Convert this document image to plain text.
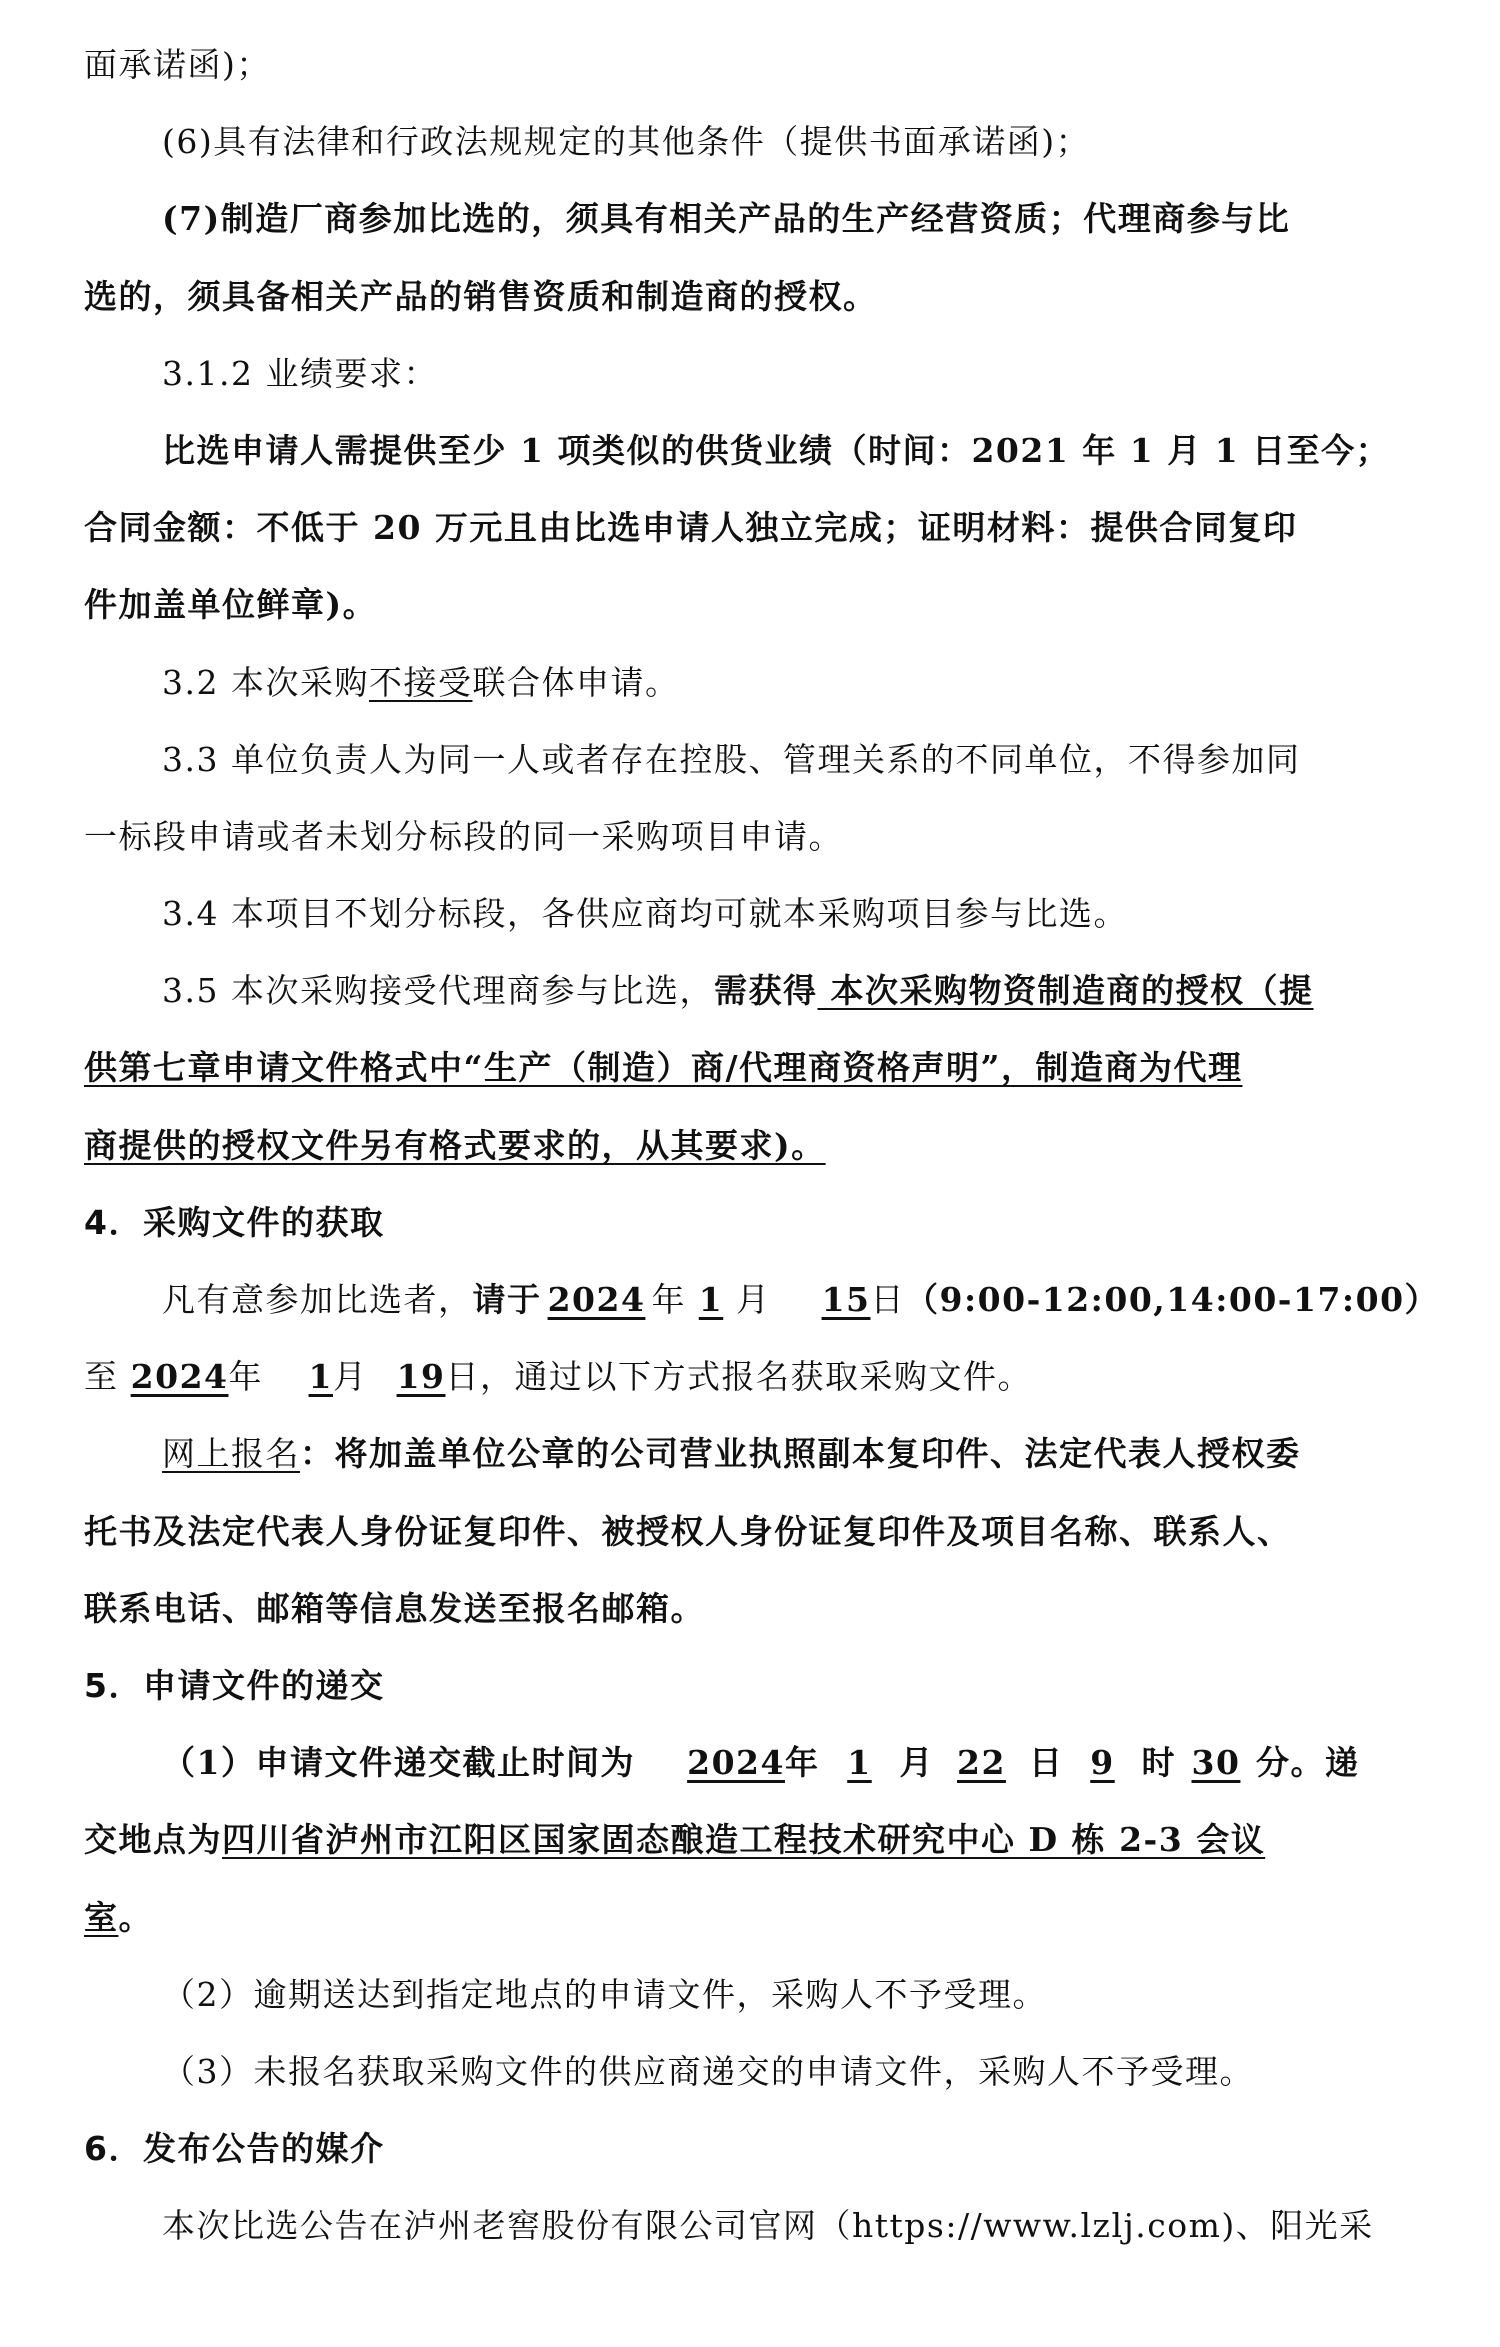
面承诺函)；
(6)具有法律和行政法规规定的其他条件（提供书面承诺函)；
(7)制造厂商参加比选的，须具有相关产品的生产经营资质；代理商参与比
选的，须具备相关产品的销售资质和制造商的授权。
3.1.2 业绩要求：
比选申请人需提供至少 1 项类似的供货业绩（时间：2021 年 1 月 1 日至今；
合同金额：不低于 20 万元且由比选申请人独立完成；证明材料：提供合同复印
件加盖单位鲜章)。
3.2 本次采购不接受联合体申请。
3.3 单位负责人为同一人或者存在控股、管理关系的不同单位，不得参加同
一标段申请或者未划分标段的同一采购项目申请。
3.4 本项目不划分标段，各供应商均可就本采购项目参与比选。
3.5 本次采购接受代理商参与比选，需获得 本次采购物资制造商的授权（提
供第七章申请文件格式中“生产（制造）商/代理商资格声明”，制造商为代理
商提供的授权文件另有格式要求的，从其要求)。
4．采购文件的获取
凡有意参加比选者，请于 2024 年 1 月 15日（9:00-12:00,14:00-17:00）
至 2024年 1月 19日，通过以下方式报名获取采购文件。
网上报名：将加盖单位公章的公司营业执照副本复印件、法定代表人授权委
托书及法定代表人身份证复印件、被授权人身份证复印件及项目名称、联系人、
联系电话、邮箱等信息发送至报名邮箱。
5．申请文件的递交
（1）申请文件递交截止时间为 2024年 1 月 22 日 9 时 30 分。递
交地点为四川省泸州市江阳区国家固态酿造工程技术研究中心 D 栋 2-3 会议
室。
（2）逾期送达到指定地点的申请文件，采购人不予受理。
（3）未报名获取采购文件的供应商递交的申请文件，采购人不予受理。
6．发布公告的媒介
本次比选公告在泸州老窖股份有限公司官网（https://www.lzlj.com)、阳光采
